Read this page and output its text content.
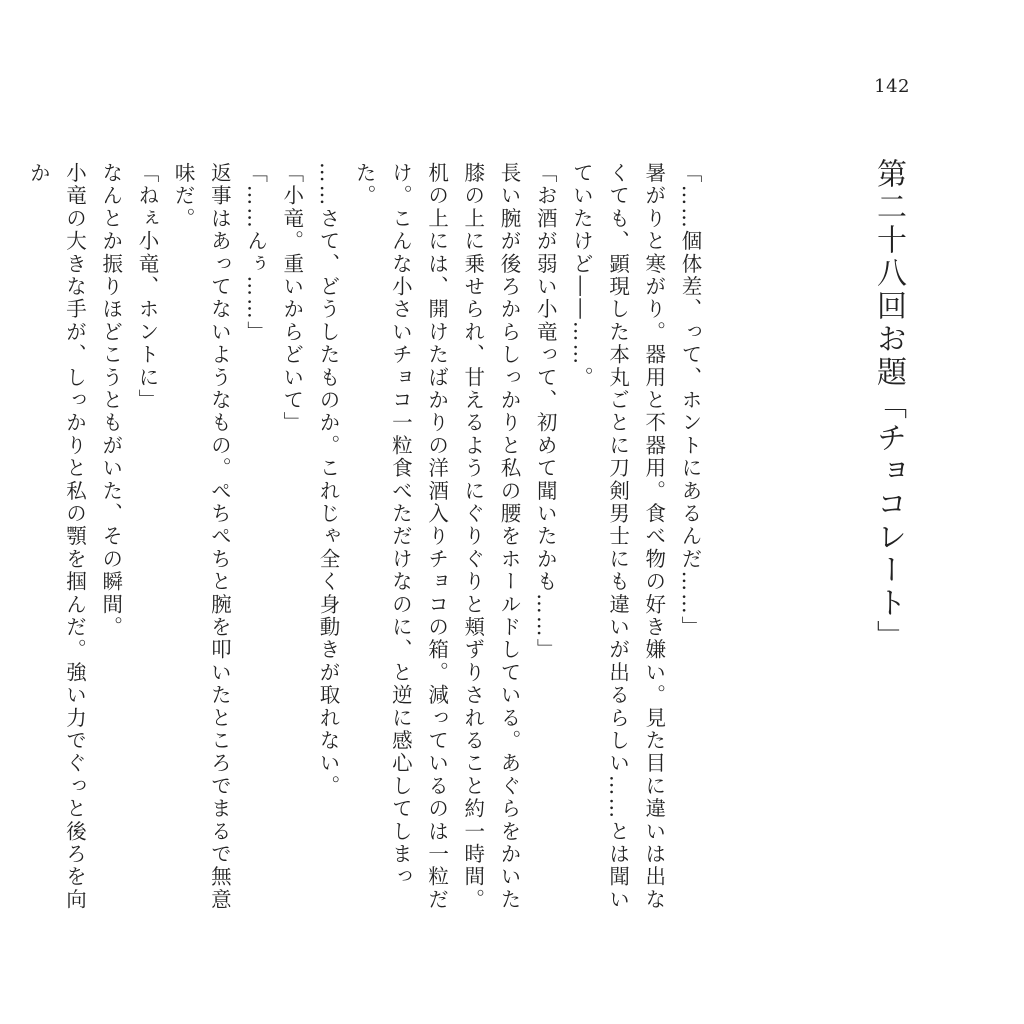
142
第二十八回お題「チョコレート」

「……個体差、って、ホントにあるんだ……」

暑がりと寒がり。器用と不器用。食べ物の好き嫌い。見た目に違いは出なくても、顕現した本丸ごとに刀剣男士にも違いが出るらしい……とは聞いていたけど――……。

「お酒が弱い小竜って、初めて聞いたかも……」

長い腕が後ろからしっかりと私の腰をホールドしている。あぐらをかいた膝の上に乗せられ、甘えるようにぐりぐりと頬ずりされること約一時間。

机の上には、開けたばかりの洋酒入りチョコの箱。減っているのは一粒だけ。こんな小さいチョコ一粒食べただけなのに、と逆に感心してしまった。

……さて、どうしたものか。これじゃ全く身動きが取れない。

「小竜。重いからどいて」

「……んぅ……」

返事はあってないようなもの。ぺちぺちと腕を叩いたところでまるで無意味だ。

「ねぇ小竜、ホントに」

なんとか振りほどこうともがいた、その瞬間。

小竜の大きな手が、しっかりと私の顎を掴んだ。強い力でぐっと後ろを向か
